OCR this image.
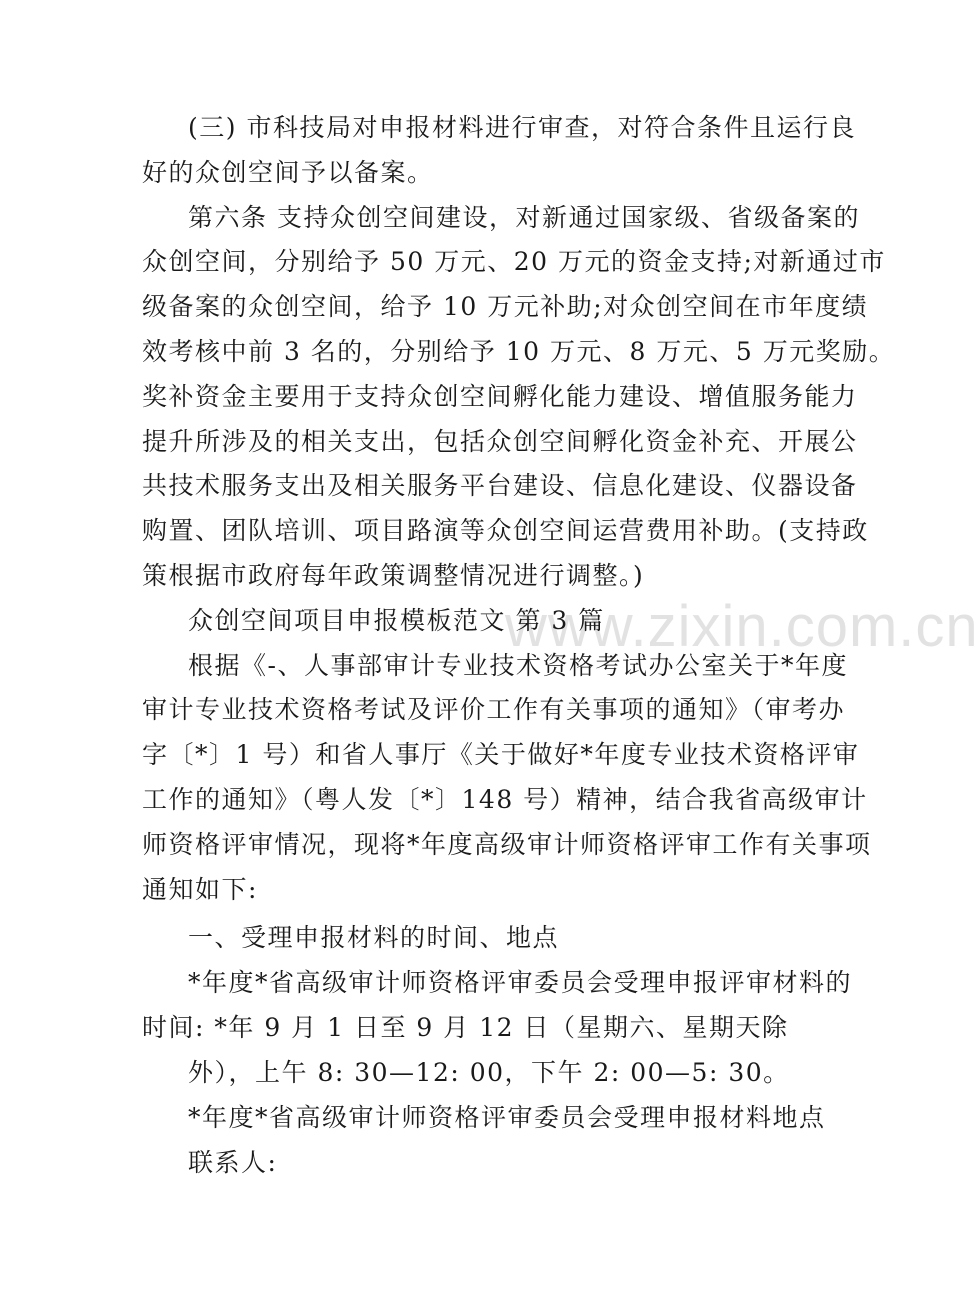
www.zixin.com.cn
(三) 市科技局对申报材料进行审查，对符合条件且运行良
好的众创空间予以备案。
第六条 支持众创空间建设，对新通过国家级、省级备案的
众创空间，分别给予 50 万元、20 万元的资金支持;对新通过市
级备案的众创空间，给予 10 万元补助;对众创空间在市年度绩
效考核中前 3 名的，分别给予 10 万元、8 万元、5 万元奖励。
奖补资金主要用于支持众创空间孵化能力建设、增值服务能力
提升所涉及的相关支出，包括众创空间孵化资金补充、开展公
共技术服务支出及相关服务平台建设、信息化建设、仪器设备
购置、团队培训、项目路演等众创空间运营费用补助。(支持政
策根据市政府每年政策调整情况进行调整。)
众创空间项目申报模板范文 第 3 篇
根据《-、人事部审计专业技术资格考试办公室关于*年度
审计专业技术资格考试及评价工作有关事项的通知》（审考办
字〔*〕1 号）和省人事厅《关于做好*年度专业技术资格评审
工作的通知》（粤人发〔*〕148 号）精神，结合我省高级审计
师资格评审情况，现将*年度高级审计师资格评审工作有关事项
通知如下:
一、受理申报材料的时间、地点
*年度*省高级审计师资格评审委员会受理申报评审材料的
时间: *年 9 月 1 日至 9 月 12 日（星期六、星期天除
外），上午 8: 30—12: 00，下午 2: 00—5: 30。
*年度*省高级审计师资格评审委员会受理申报材料地点
联系人:
